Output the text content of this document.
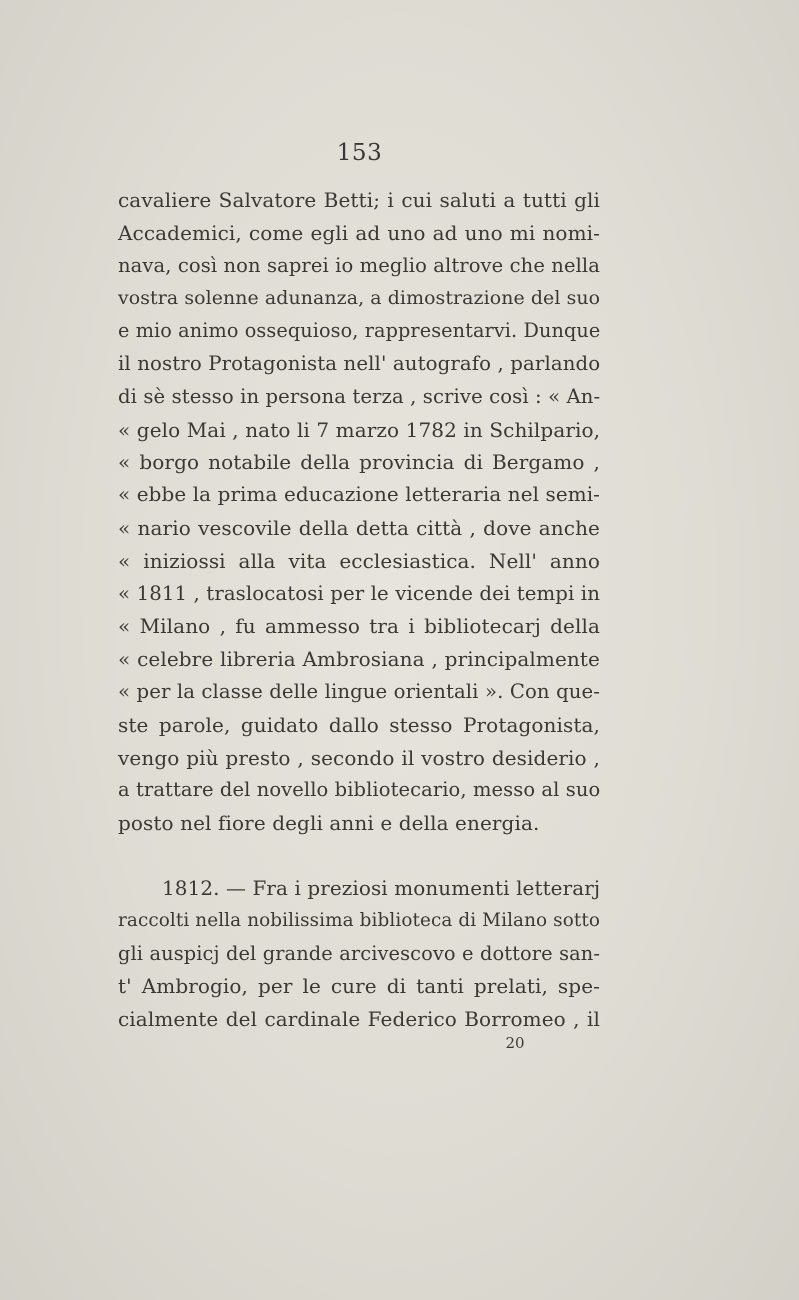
153
cavaliere Salvatore Betti; i cui saluti a tutti gli
Accademici, come egli ad uno ad uno mi nomi-
nava, così non saprei io meglio altrove che nella
vostra solenne adunanza, a dimostrazione del suo
e mio animo ossequioso, rappresentarvi. Dunque
il nostro Protagonista nell' autografo , parlando
di sè stesso in persona terza , scrive così : « An-
« gelo Mai , nato li 7 marzo 1782 in Schilpario,
« borgo notabile della provincia di Bergamo ,
« ebbe la prima educazione letteraria nel semi-
« nario vescovile della detta città , dove anche
« iniziossi alla vita ecclesiastica. Nell' anno
« 1811 , traslocatosi per le vicende dei tempi in
« Milano , fu ammesso tra i bibliotecarj della
« celebre libreria Ambrosiana , principalmente
« per la classe delle lingue orientali ». Con que-
ste parole, guidato dallo stesso Protagonista,
vengo più presto , secondo il vostro desiderio ,
a trattare del novello bibliotecario, messo al suo
posto nel fiore degli anni e della energia.
1812. — Fra i preziosi monumenti letterarj
raccolti nella nobilissima biblioteca di Milano sotto
gli auspicj del grande arcivescovo e dottore san-
t' Ambrogio, per le cure di tanti prelati, spe-
cialmente del cardinale Federico Borromeo , il
20
